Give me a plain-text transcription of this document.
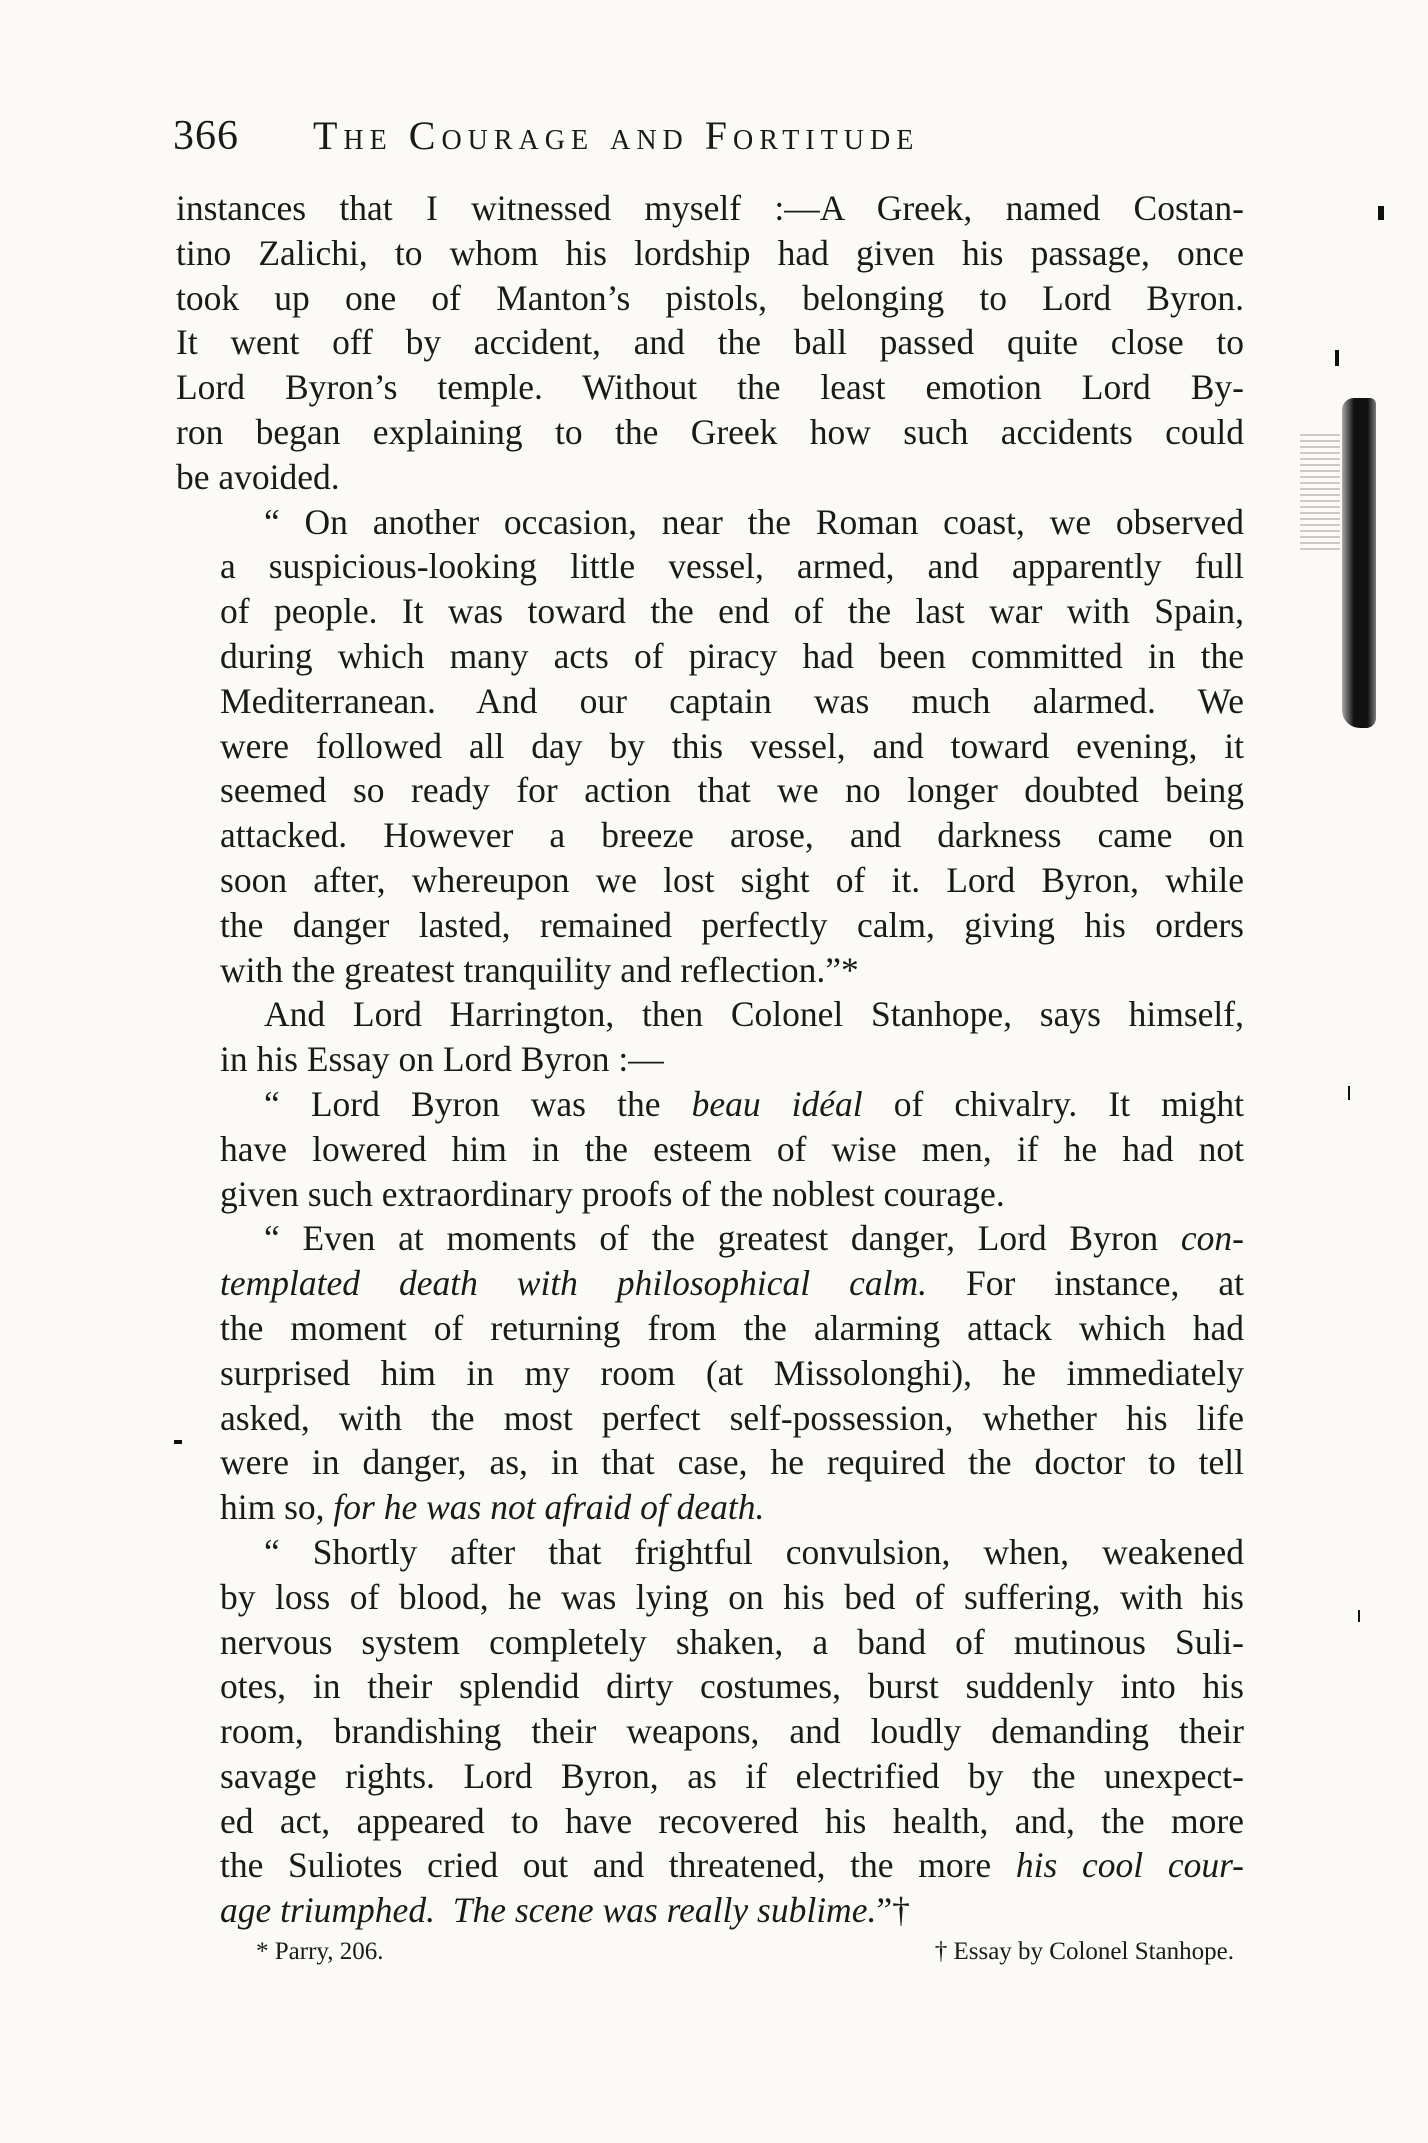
366 The Courage and Fortitude

instances that I witnessed myself :—A Greek, named Costan-
tino Zalichi, to whom his lordship had given his passage, once
took up one of Manton’s pistols, belonging to Lord Byron.
It went off by accident, and the ball passed quite close to
Lord Byron’s temple. Without the least emotion Lord By-
ron began explaining to the Greek how such accidents could
be avoided.

“ On another occasion, near the Roman coast, we observed
a suspicious-looking little vessel, armed, and apparently full
of people. It was toward the end of the last war with Spain,
during which many acts of piracy had been committed in the
Mediterranean. And our captain was much alarmed. We
were followed all day by this vessel, and toward evening, it
seemed so ready for action that we no longer doubted being
attacked. However a breeze arose, and darkness came on
soon after, whereupon we lost sight of it. Lord Byron, while
the danger lasted, remained perfectly calm, giving his orders
with the greatest tranquility and reflection.”*

And Lord Harrington, then Colonel Stanhope, says himself,
in his Essay on Lord Byron :—

“ Lord Byron was the beau idéal of chivalry. It might
have lowered him in the esteem of wise men, if he had not
given such extraordinary proofs of the noblest courage.

“ Even at moments of the greatest danger, Lord Byron con-
templated death with philosophical calm. For instance, at
the moment of returning from the alarming attack which had
surprised him in my room (at Missolonghi), he immediately
asked, with the most perfect self-possession, whether his life
were in danger, as, in that case, he required the doctor to tell
him so, for he was not afraid of death.

“ Shortly after that frightful convulsion, when, weakened
by loss of blood, he was lying on his bed of suffering, with his
nervous system completely shaken, a band of mutinous Suli-
otes, in their splendid dirty costumes, burst suddenly into his
room, brandishing their weapons, and loudly demanding their
savage rights. Lord Byron, as if electrified by the unexpect-
ed act, appeared to have recovered his health, and, the more
the Suliotes cried out and threatened, the more his cool cour-
age triumphed. The scene was really sublime.”†

* Parry, 206.	† Essay by Colonel Stanhope.
